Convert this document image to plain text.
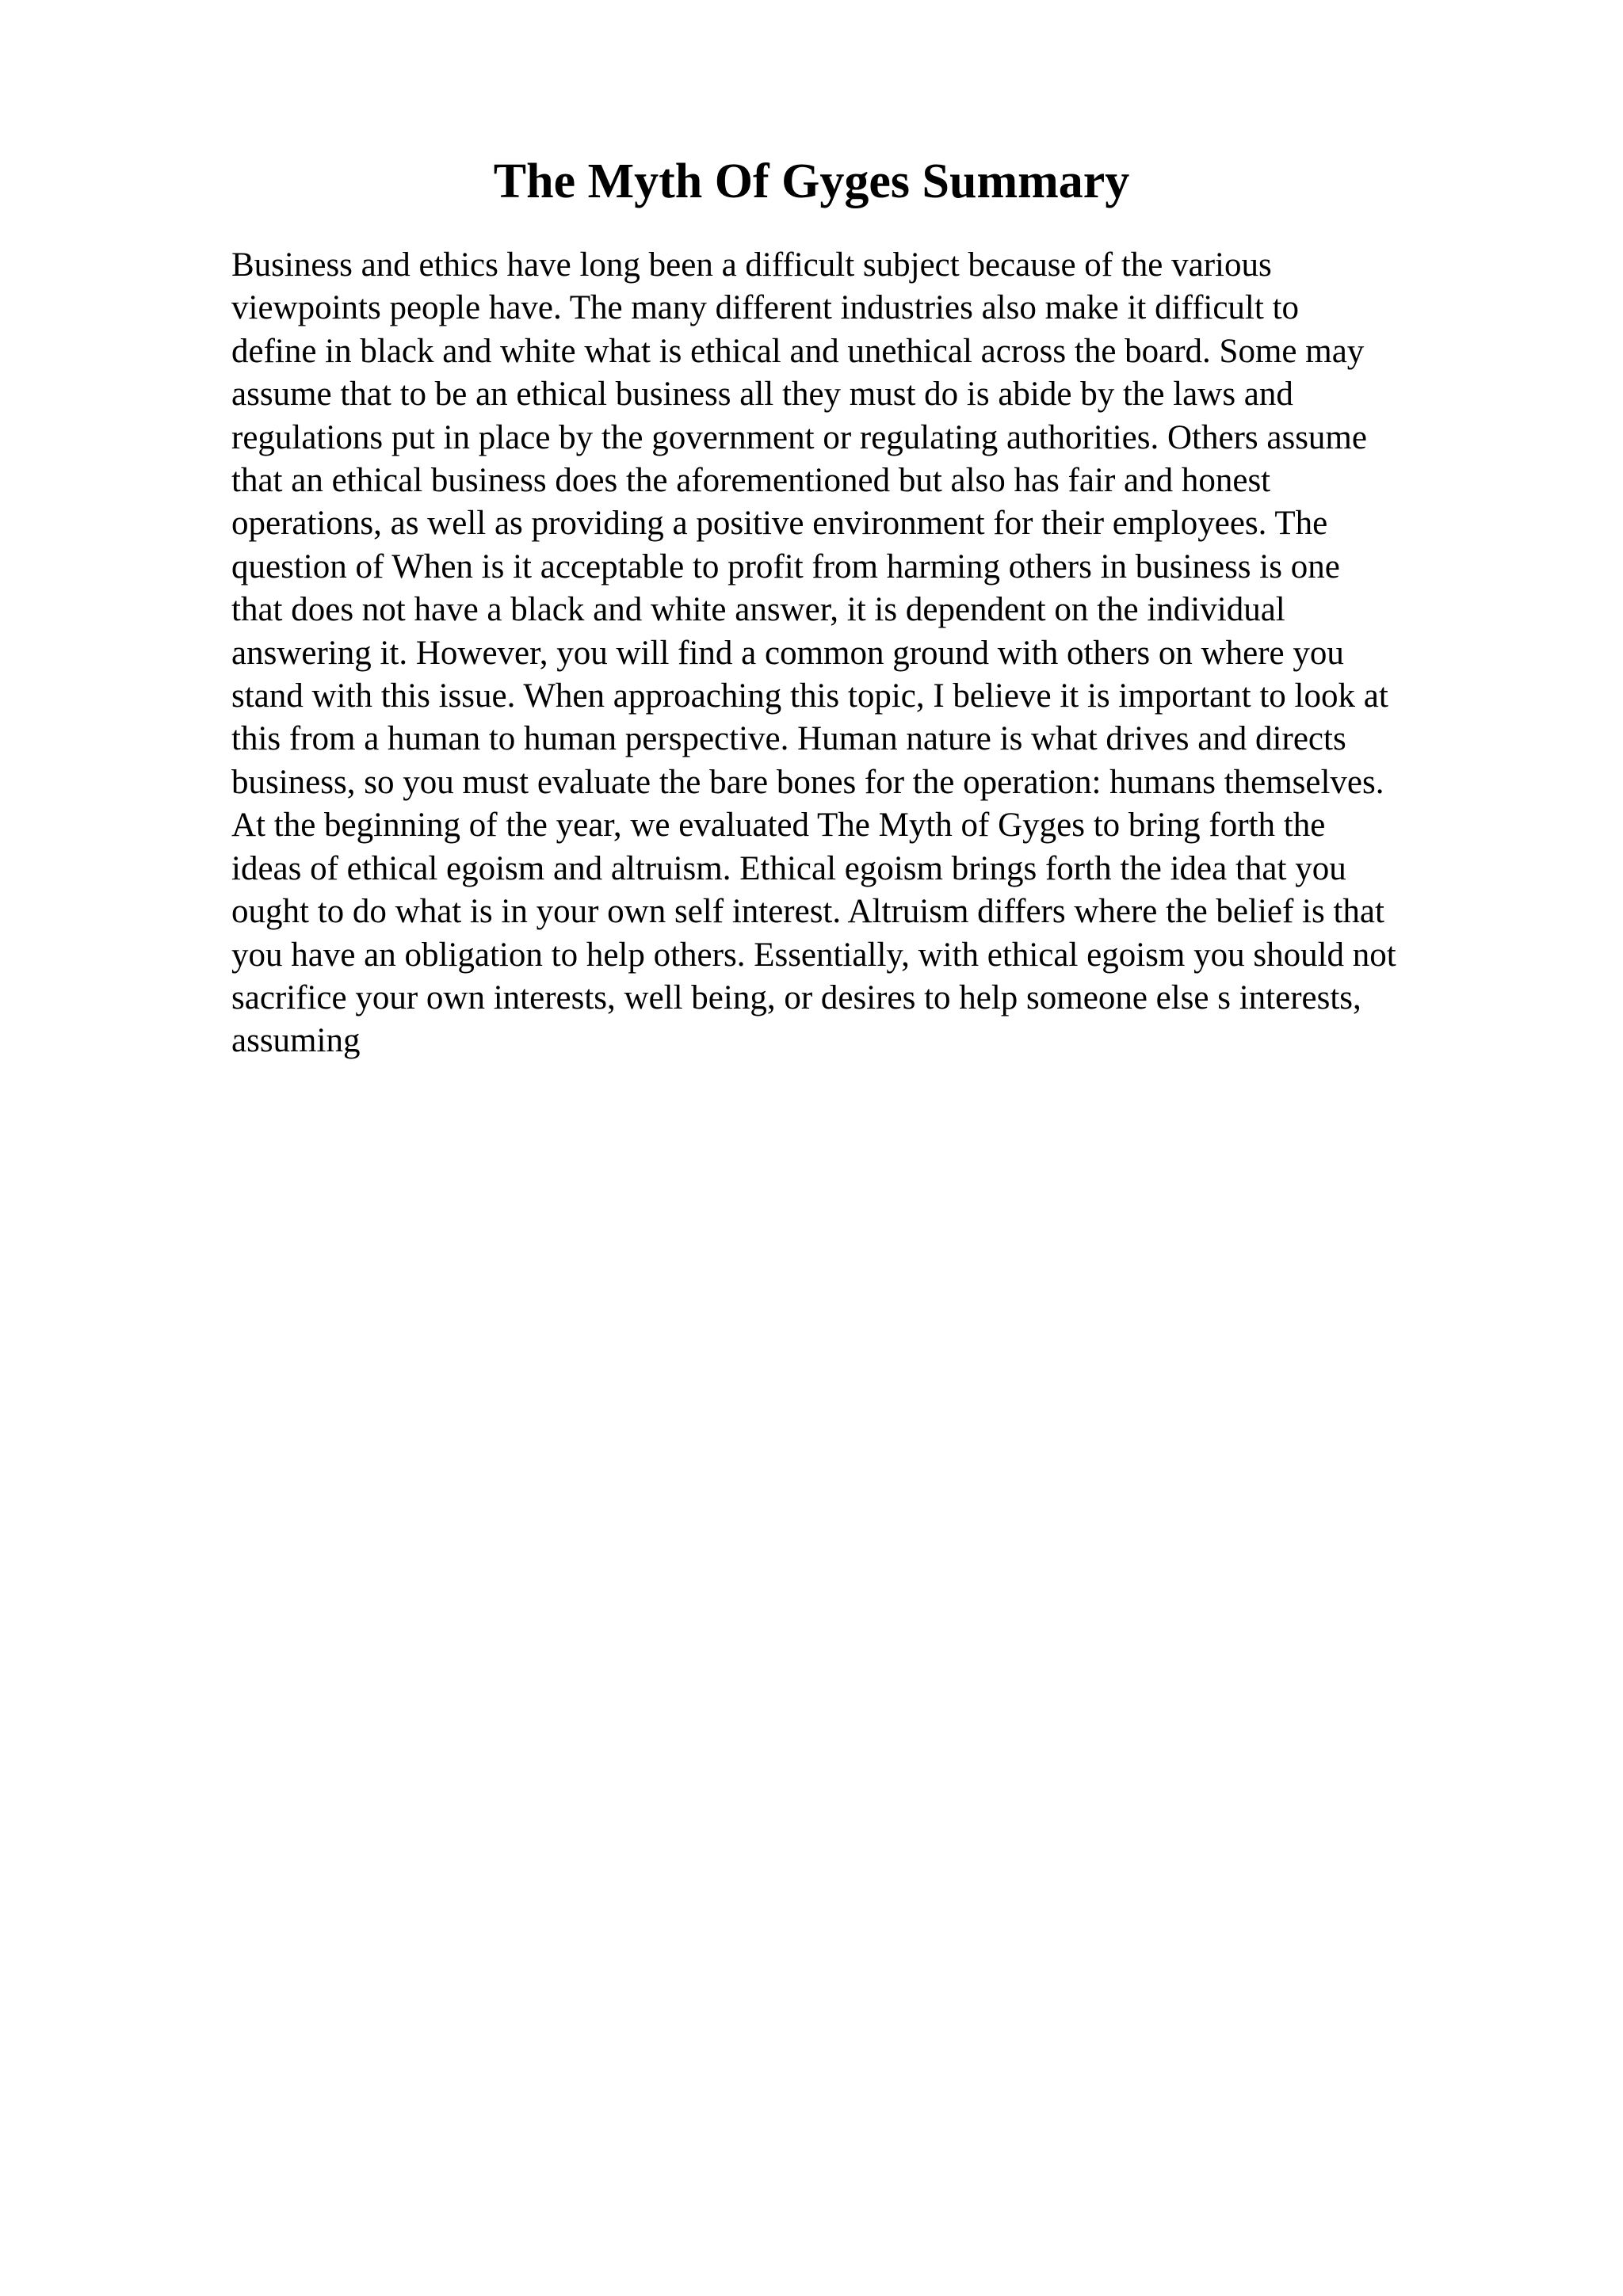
The Myth Of Gyges Summary
Business and ethics have long been a difficult subject because of the various
viewpoints people have. The many different industries also make it difficult to
define in black and white what is ethical and unethical across the board. Some may
assume that to be an ethical business all they must do is abide by the laws and
regulations put in place by the government or regulating authorities. Others assume
that an ethical business does the aforementioned but also has fair and honest
operations, as well as providing a positive environment for their employees. The
question of When is it acceptable to profit from harming others in business is one
that does not have a black and white answer, it is dependent on the individual
answering it. However, you will find a common ground with others on where you
stand with this issue. When approaching this topic, I believe it is important to look at
this from a human to human perspective. Human nature is what drives and directs
business, so you must evaluate the bare bones for the operation: humans themselves.
At the beginning of the year, we evaluated The Myth of Gyges to bring forth the
ideas of ethical egoism and altruism. Ethical egoism brings forth the idea that you
ought to do what is in your own self interest. Altruism differs where the belief is that
you have an obligation to help others. Essentially, with ethical egoism you should not
sacrifice your own interests, well being, or desires to help someone else s interests,
assuming
